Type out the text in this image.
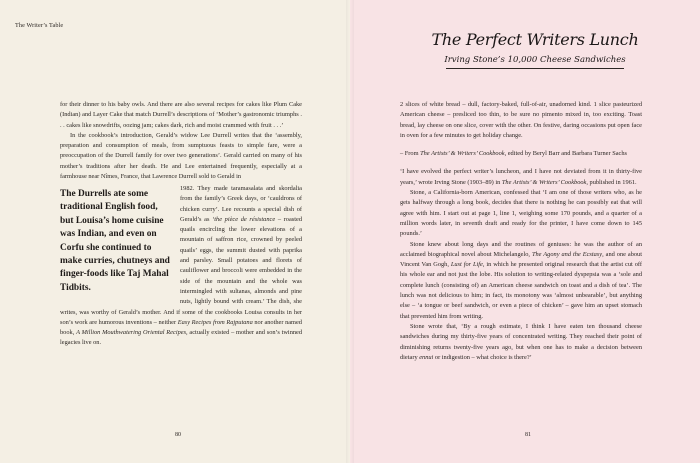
The Writer’s Table

for their dinner to his baby owls. And there are also several recipes for cakes like Plum Cake (Indian) and Layer Cake that match Durrell’s descriptions of ‘Mother’s gastronomic triumphs . . . cakes like snowdrifts, oozing jam; cakes dark, rich and moist crammed with fruit . . .’

In the cookbook’s introduction, Gerald’s widow Lee Durrell writes that the ‘assembly, preparation and consumption of meals, from sumptuous feasts to simple fare, were a preoccupation of the Durrell family for over two generations’. Gerald carried on many of his mother’s traditions after her death. He and Lee entertained frequently, especially at a farmhouse near Nîmes, France, that Lawrence Durrell sold to Gerald in

The Durrells ate some traditional English food, but Louisa’s home cuisine was Indian, and even on Corfu she continued to make curries, chutneys and finger-foods like Taj Mahal Tidbits.

1982. They made taramasalata and skordalia from the family’s Greek days, or ‘cauldrons of chicken curry’. Lee recounts a special dish of Gerald’s as ‘the pièce de résistance – roasted quails encircling the lower elevations of a mountain of saffron rice, crowned by peeled quails’ eggs, the summit dusted with paprika and parsley. Small potatoes and florets of cauliflower and broccoli were embedded in the side of the mountain and the whole was intermingled with sultanas, almonds and pine nuts, lightly bound with cream.’ The dish, she writes, was worthy of Gerald’s mother. And if some of the cookbooks Louisa consults in her son’s work are humorous inventions – neither Easy Recipes from Rajputana nor another named book, A Million Mouthwatering Oriental Recipes, actually existed – mother and son’s twinned legacies live on.

80	81
The Perfect Writers Lunch
Irving Stone’s 10,000 Cheese Sandwiches

2 slices of white bread – dull, factory-baked, full-of-air, unadorned kind. 1 slice pasteurized American cheese – presliced too thin, to be sure no pimento mixed in, too exciting. Toast bread, lay cheese on one slice, cover with the other. On festive, daring occasions put open face in oven for a few minutes to get holiday change.

– From The Artists’ & Writers’ Cookbook, edited by Beryl Barr and Barbara Turner Sachs

‘I have evolved the perfect writer’s luncheon, and I have not deviated from it in thirty-five years,’ wrote Irving Stone (1903–89) in The Artists’ & Writers’ Cookbook, published in 1961.

Stone, a California-born American, confessed that ‘I am one of those writers who, as he gets halfway through a long book, decides that there is nothing he can possibly eat that will agree with him. I start out at page 1, line 1, weighing some 170 pounds, and a quarter of a million words later, in seventh draft and ready for the printer, I have come down to 145 pounds.’

Stone knew about long days and the routines of geniuses: he was the author of an acclaimed biographical novel about Michelangelo, The Agony and the Ecstasy, and one about Vincent Van Gogh, Lust for Life, in which he presented original research that the artist cut off his whole ear and not just the lobe. His solution to writing-related dyspepsia was a ‘sole and complete lunch (consisting of) an American cheese sandwich on toast and a dish of tea’. The lunch was not delicious to him; in fact, its monotony was ‘almost unbearable’, but anything else – ‘a tongue or beef sandwich, or even a piece of chicken’ – gave him an upset stomach that prevented him from writing.

Stone wrote that, ‘By a rough estimate, I think I have eaten ten thousand cheese sandwiches during my thirty-five years of concentrated writing. They reached their point of diminishing returns twenty-five years ago, but when one has to make a decision between dietary ennui or indigestion – what choice is there?’
